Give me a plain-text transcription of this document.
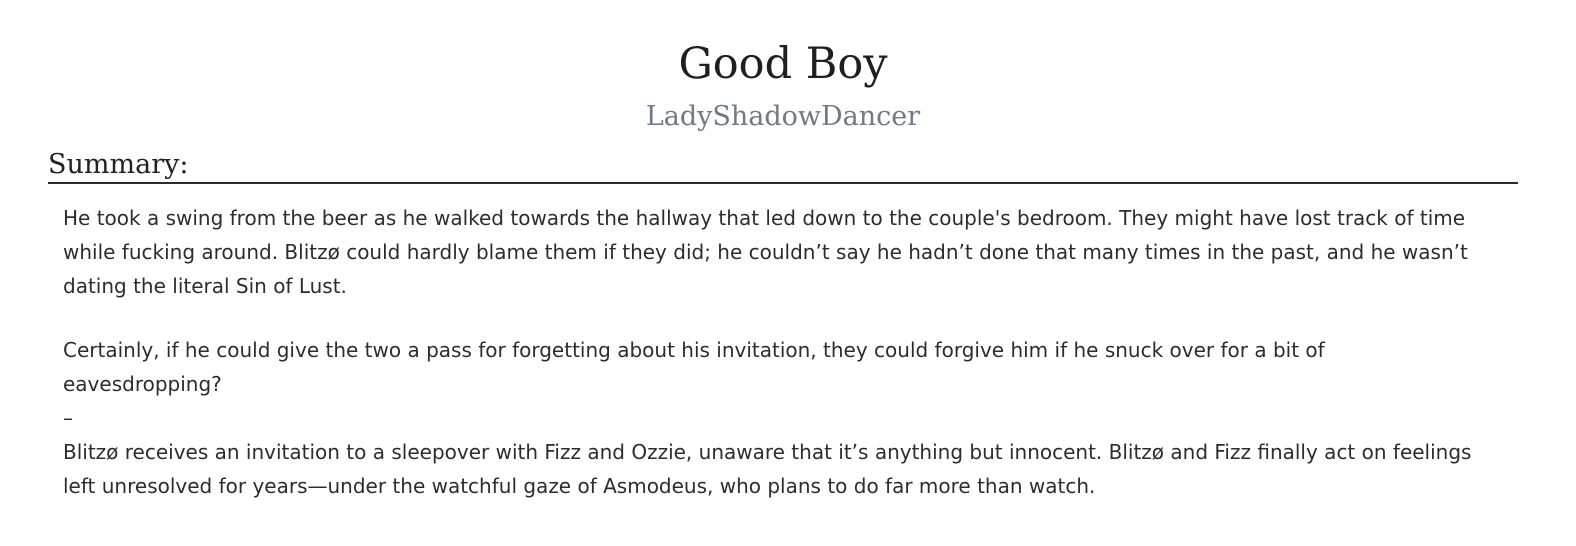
Good Boy
LadyShadowDancer
Summary:

He took a swing from the beer as he walked towards the hallway that led down to the couple's bedroom. They might have lost track of time while fucking around. Blitzø could hardly blame them if they did; he couldn’t say he hadn’t done that many times in the past, and he wasn’t dating the literal Sin of Lust.

Certainly, if he could give the two a pass for forgetting about his invitation, they could forgive him if he snuck over for a bit of eavesdropping?
–
Blitzø receives an invitation to a sleepover with Fizz and Ozzie, unaware that it’s anything but innocent. Blitzø and Fizz finally act on feelings left unresolved for years—under the watchful gaze of Asmodeus, who plans to do far more than watch.
